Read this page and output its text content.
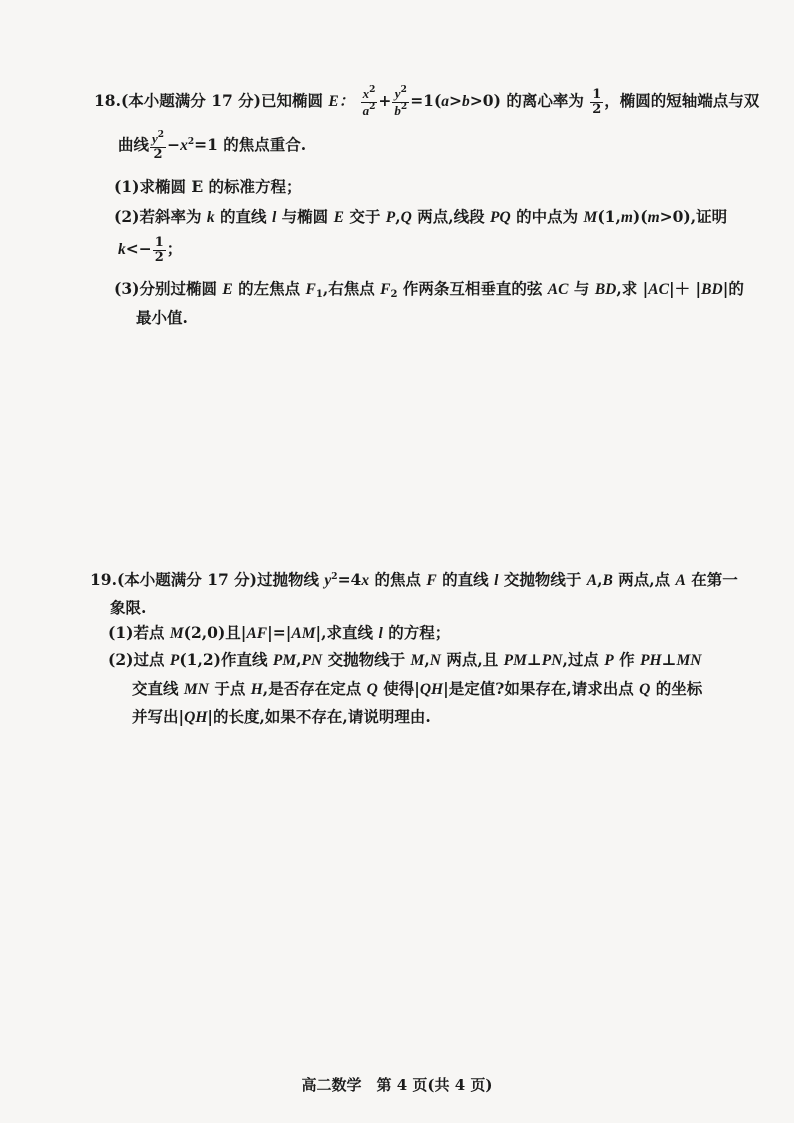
18.(本小题满分 17 分)已知椭圆 E： $\frac{x^2}{a^2} + \frac{y^2}{b^2} =1(a>b>0)$ 的离心率为 $\frac{1}{2}$ ，椭圆的短轴端点与双
曲线 $\frac{y^2}{2} -x^2=1$ 的焦点重合.
(1)求椭圆 E 的标准方程；
(2)若斜率为 k 的直线 l 与椭圆 E 交于 P,Q 两点,线段 PQ 的中点为 M(1,m)(m>0),证明
$k<- \frac{1}{2}$ ；
(3)分别过椭圆 E 的左焦点 $F_1$,右焦点 $F_2$ 作两条互相垂直的弦 AC 与 BD,求 |AC|＋ |BD|的
最小值.
19.(本小题满分 17 分)过抛物线 $y^2=4x$ 的焦点 F 的直线 l 交抛物线于 A,B 两点,点 A 在第一
象限.
(1)若点 M(2,0)且|AF|=|AM|,求直线 l 的方程；
(2)过点 P(1,2)作直线 PM,PN 交抛物线于 M,N 两点,且 PM⊥PN,过点 P 作 PH⊥MN
交直线 MN 于点 H,是否存在定点 Q 使得|QH|是定值?如果存在,请求出点 Q 的坐标
并写出|QH|的长度,如果不存在,请说明理由.
高二数学　第 4 页(共 4 页)
